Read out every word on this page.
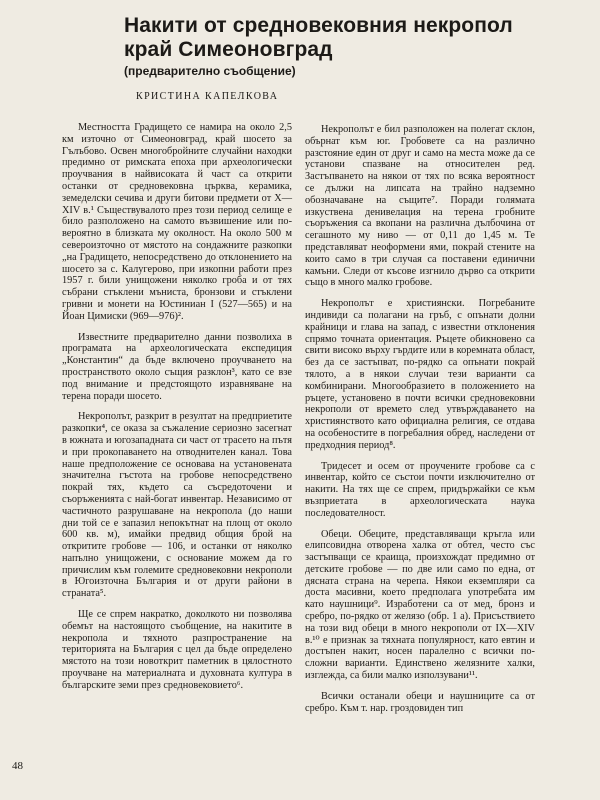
Накити от средновековния некропол
край Симеоновград
(предварително съобщение)
КРИСТИНА КАПЕЛКОВА

Местността Градището се намира на около 2,5 км източно от Симеоновград, край шосето за Гълъбово. Освен многобройните случайни находки предимно от римската епоха при археологически проучвания в найвисоката й част са открити останки от средновековна църква, керамика, земеделски сечива и други битови предмети от X—XIV в.¹ Съществувалото през този период селище е било разположено на самото възвишение или по-вероятно в близката му околност. На около 500 м североизточно от мястото на сондажните разкопки „на Градището, непосредствено до отклонението на шосето за с. Калугерово, при изкопни работи през 1957 г. били унищожени няколко гроба и от тях събрани стъклени мъниста, бронзови и стъклени гривни и монети на Юстиниан I (527—565) и на Йоан Цимиски (969—976)².

Известните предварително данни позволиха в програмата на археологическата експедиция „Константин“ да бъде включено проучването на пространството около същия разклон³, като се взе под внимание и предстоящото изравняване на терена поради шосето.

Некрополът, разкрит в резултат на предприетите разкопки⁴, се оказа за съжаление сериозно засегнат в южната и югозападната си част от трасето на пътя и при прокопаването на отводнителен канал. Това наше предположение се основава на установената значителна гъстота на гробове непосредствено покрай тях, където са съсредоточени и съоръженията с най-богат инвентар. Независимо от частичното разрушаване на некропола (до наши дни той се е запазил непокътнат на площ от около 600 кв. м), имайки предвид общия брой на откритите гробове — 106, и останки от няколко напълно унищожени, с основание можем да го причислим към големите средновековни некрополи в Югоизточна България и от други райони в страната⁵.

Ще се спрем накратко, доколкото ни позволява обемът на настоящото съобщение, на накитите в некропола и тяхното разпространение на територията на България с цел да бъде определено мястото на този новоткрит паметник в цялостното проучване на материалната и духовната култура в българските земи през средновековието⁶.

Некрополът е бил разположен на полегат склон, обърнат към юг. Гробовете са на различно разстояние един от друг и само на места може да се установи спазване на относителен ред. Застъпването на някои от тях по всяка вероятност се дължи на липсата на трайно надземно обозначаване на същите⁷. Поради голямата изкуствена денивелация на терена гробните съоръжения са вкопани на различна дълбочина от сегашното му ниво — от 0,11 до 1,45 м. Те представляват неоформени ями, покрай стените на които само в три случая са поставени единични камъни. Следи от късове изгнило дърво са открити също в много малко гробове.

Некрополът е християнски. Погребаните индивиди са полагани на гръб, с опънати долни крайници и глава на запад, с известни отклонения спрямо точната ориентация. Ръцете обикновено са свити високо върху гърдите или в коремната област, без да се застъпват, по-рядко са опънати покрай тялото, а в някои случаи тези варианти са комбинирани. Многообразието в положението на ръцете, установено в почти всички средновековни некрополи от времето след утвърждаването на християнството като официална религия, се отдава на особеностите в погребалния обред, наследени от предходния период⁸.

Тридесет и осем от проучените гробове са с инвентар, който се състои почти изключително от накити. На тях ще се спрем, придържайки се към възприетата в археологическата наука последователност.

Обеци. Обеците, представляващи кръгла или елипсовидна отворена халка от обтел, често със застъпващи се краища, произхождат предимно от детските гробове — по две или само по една, от дясната страна на черепа. Някои екземпляри са доста масивни, което предполага употребата им като наушници⁹. Изработени са от мед, бронз и сребро, по-рядко от желязо (обр. 1 а). Присъствието на този вид обеци в много некрополи от IX—XIV в.¹⁰ е признак за тяхната популярност, като евтин и достъпен накит, носен паралелно с всички по-сложни варианти. Единствено желязните халки, изглежда, са били малко използувани¹¹.

Всички останали обеци и наушниците са от сребро. Към т. нар. гроздовиден тип

48
